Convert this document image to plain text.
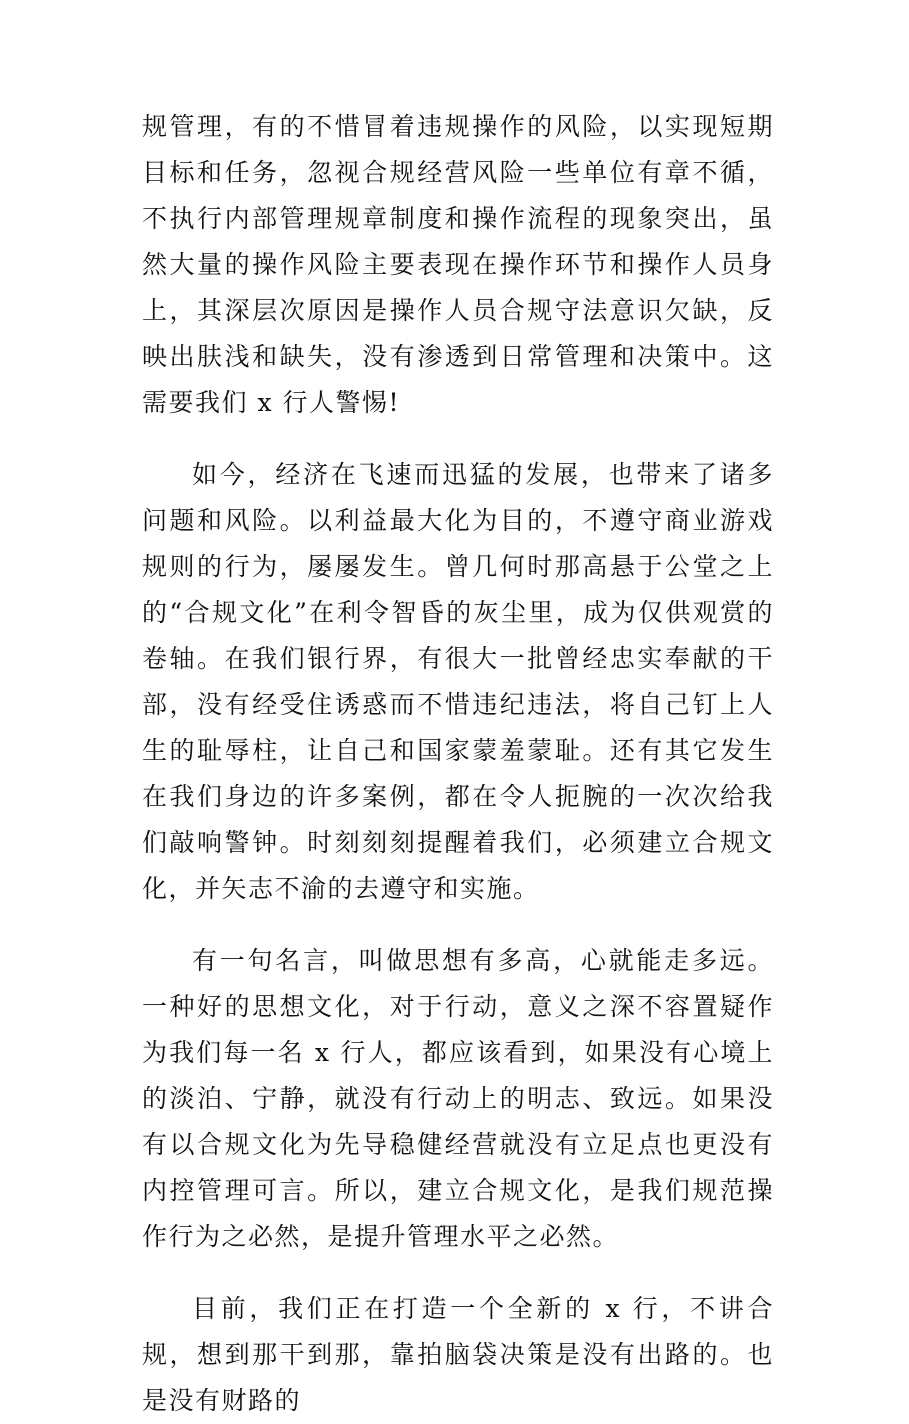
规管理，有的不惜冒着违规操作的风险，以实现短期目标和任务，忽视合规经营风险一些单位有章不循，不执行内部管理规章制度和操作流程的现象突出，虽然大量的操作风险主要表现在操作环节和操作人员身上，其深层次原因是操作人员合规守法意识欠缺，反映出肤浅和缺失，没有渗透到日常管理和决策中。这需要我们 x 行人警惕!

如今，经济在飞速而迅猛的发展，也带来了诸多问题和风险。以利益最大化为目的，不遵守商业游戏规则的行为，屡屡发生。曾几何时那高悬于公堂之上的“合规文化”在利令智昏的灰尘里，成为仅供观赏的卷轴。在我们银行界，有很大一批曾经忠实奉献的干部，没有经受住诱惑而不惜违纪违法，将自己钉上人生的耻辱柱，让自己和国家蒙羞蒙耻。还有其它发生在我们身边的许多案例，都在令人扼腕的一次次给我们敲响警钟。时刻刻刻提醒着我们，必须建立合规文化，并矢志不渝的去遵守和实施。

有一句名言，叫做思想有多高，心就能走多远。一种好的思想文化，对于行动，意义之深不容置疑作为我们每一名 x 行人，都应该看到，如果没有心境上的淡泊、宁静，就没有行动上的明志、致远。如果没有以合规文化为先导稳健经营就没有立足点也更没有内控管理可言。所以，建立合规文化，是我们规范操作行为之必然，是提升管理水平之必然。

目前，我们正在打造一个全新的 x 行，不讲合规，想到那干到那，靠拍脑袋决策是没有出路的。也是没有财路的
